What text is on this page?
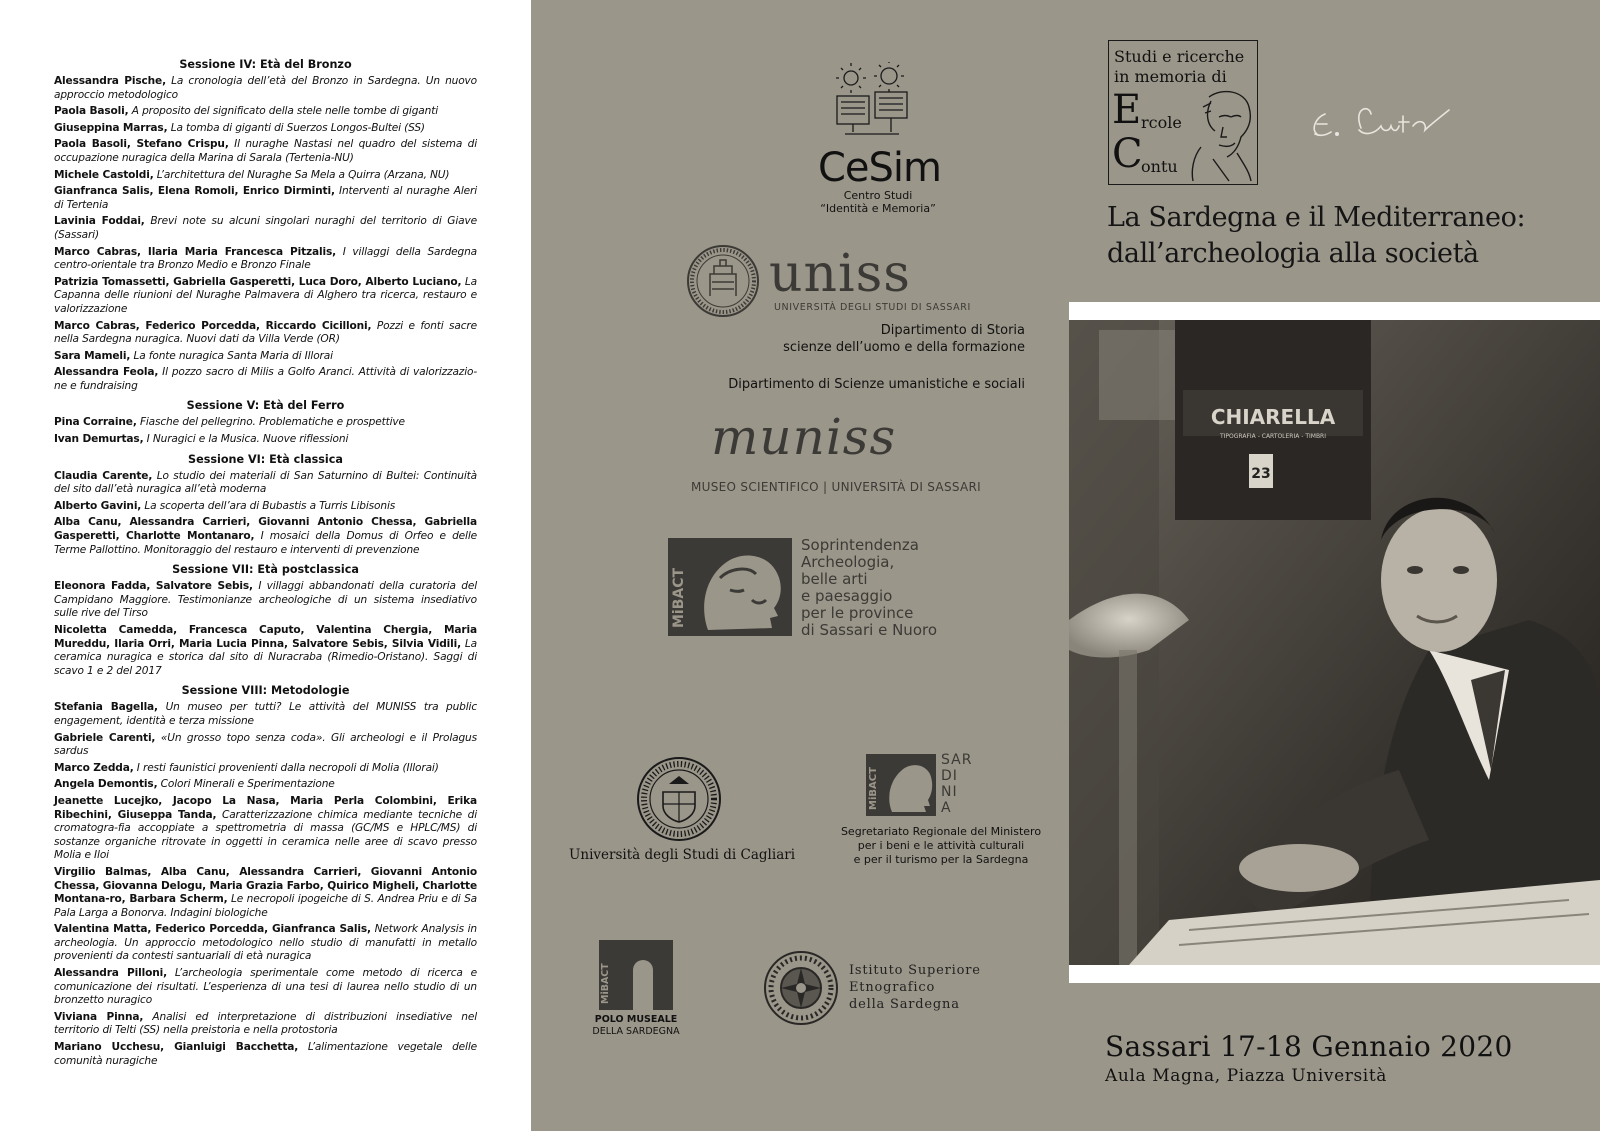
Sessione IV: Età del Bronzo
Alessandra Pische, La cronologia dell’età del Bronzo in Sardegna. Un nuovo approccio metodologico
Paola Basoli, A proposito del significato della stele nelle tombe di giganti
Giuseppina Marras, La tomba di giganti di Suerzos Longos-Bultei (SS)
Paola Basoli, Stefano Crispu, Il nuraghe Nastasi nel quadro del sistema di occupazione nuragica della Marina di Sarala (Tertenia-NU)
Michele Castoldi, L’architettura del Nuraghe Sa Mela a Quirra (Arzana, NU)
Gianfranca Salis, Elena Romoli, Enrico Dirminti, Interventi al nuraghe Aleri di Tertenia
Lavinia Foddai, Brevi note su alcuni singolari nuraghi del territorio di Giave (Sassari)
Marco Cabras, Ilaria Maria Francesca Pitzalis, I villaggi della Sardegna centro-orientale tra Bronzo Medio e Bronzo Finale
Patrizia Tomassetti, Gabriella Gasperetti, Luca Doro, Alberto Luciano, La Capanna delle riunioni del Nuraghe Palmavera di Alghero tra ricerca, restauro e valorizzazione
Marco Cabras, Federico Porcedda, Riccardo Cicilloni, Pozzi e fonti sacre nella Sardegna nuragica. Nuovi dati da Villa Verde (OR)
Sara Mameli, La fonte nuragica Santa Maria di Illorai
Alessandra Feola, Il pozzo sacro di Milis a Golfo Aranci. Attività di valorizzazio-ne e fundraising
Sessione V: Età del Ferro
Pina Corraine, Fiasche del pellegrino. Problematiche e prospettive
Ivan Demurtas, I Nuragici e la Musica. Nuove riflessioni
Sessione VI: Età classica
Claudia Carente, Lo studio dei materiali di San Saturnino di Bultei: Continuità del sito dall’età nuragica all’età moderna
Alberto Gavini, La scoperta dell’ara di Bubastis a Turris Libisonis
Alba Canu, Alessandra Carrieri, Giovanni Antonio Chessa, Gabriella Gasperetti, Charlotte Montanaro, I mosaici della Domus di Orfeo e delle Terme Pallottino. Monitoraggio del restauro e interventi di prevenzione
Sessione VII: Età postclassica
Eleonora Fadda, Salvatore Sebis, I villaggi abbandonati della curatoria del Campidano Maggiore. Testimonianze archeologiche di un sistema insediativo sulle rive del Tirso
Nicoletta Camedda, Francesca Caputo, Valentina Chergia, Maria Mureddu, Ilaria Orri, Maria Lucia Pinna, Salvatore Sebis, Silvia Vidili, La ceramica nuragica e storica dal sito di Nuracraba (Rimedio-Oristano). Saggi di scavo 1 e 2 del 2017
Sessione VIII: Metodologie
Stefania Bagella, Un museo per tutti? Le attività del MUNISS tra public engagement, identità e terza missione
Gabriele Carenti, «Un grosso topo senza coda». Gli archeologi e il Prolagus sardus
Marco Zedda, I resti faunistici provenienti dalla necropoli di Molia (Illorai)
Angela Demontis, Colori Minerali e Sperimentazione
Jeanette Lucejko, Jacopo La Nasa, Maria Perla Colombini, Erika Ribechini, Giuseppa Tanda, Caratterizzazione chimica mediante tecniche di cromatogra-fia accoppiate a spettrometria di massa (GC/MS e HPLC/MS) di sostanze organiche ritrovate in oggetti in ceramica nelle aree di scavo presso Molia e Iloi
Virgilio Balmas, Alba Canu, Alessandra Carrieri, Giovanni Antonio Chessa, Giovanna Delogu, Maria Grazia Farbo, Quirico Migheli, Charlotte Montana-ro, Barbara Scherm, Le necropoli ipogeiche di S. Andrea Priu e di Sa Pala Larga a Bonorva. Indagini biologiche
Valentina Matta, Federico Porcedda, Gianfranca Salis, Network Analysis in archeologia. Un approccio metodologico nello studio di manufatti in metallo provenienti da contesti santuariali di età nuragica
Alessandra Pilloni, L’archeologia sperimentale come metodo di ricerca e comunicazione dei risultati. L’esperienza di una tesi di laurea nello studio di un bronzetto nuragico
Viviana Pinna, Analisi ed interpretazione di distribuzioni insediative nel territorio di Telti (SS) nella preistoria e nella protostoria
Mariano Ucchesu, Gianluigi Bacchetta, L’alimentazione vegetale delle comunità nuragiche
CeSim
Centro Studi
“Identità e Memoria”
uniss
UNIVERSITÀ DEGLI STUDI DI SASSARI
Dipartimento di Storia
scienze dell’uomo e della formazione
Dipartimento di Scienze umanistiche e sociali
muniss
MUSEO SCIENTIFICO | UNIVERSITÀ DI SASSARI
MiBACT
Soprintendenza
Archeologia,
belle arti
e paesaggio
per le province
di Sassari e Nuoro
Università degli Studi di Cagliari
MiBACT
SAR
DI
NI
A
Segretariato Regionale del Ministero
per i beni e le attività culturali
e per il turismo per la Sardegna
MiBACT
POLO MUSEALE
DELLA SARDEGNA
Istituto Superiore
Etnografico
della Sardegna
Studi e ricerche
in memoria di
E rcole
C
ontu
La Sardegna e il Mediterraneo:
dall’archeologia alla società
CHIARELLA
TIPOGRAFIA - CARTOLERIA - TIMBRI
23
Sassari 17-18 Gennaio 2020
Aula Magna, Piazza Università
